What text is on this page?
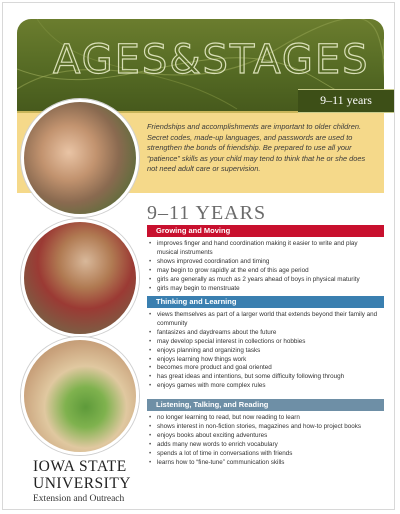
AGES&STAGES
9–11 years
Friendships and accomplishments are important to older children. Secret codes, made-up languages, and passwords are used to strengthen the bonds of friendship. Be prepared to use all your “patience” skills as your child may tend to think that he or she does not need adult care or supervision.
9–11 YEARS
Growing and Moving
• improves finger and hand coordination making it easier to write and play musical instruments
• shows improved coordination and timing
• may begin to grow rapidly at the end of this age period
• girls are generally as much as 2 years ahead of boys in physical maturity
• girls may begin to menstruate
Thinking and Learning
• views themselves as part of a larger world that extends beyond their family and community
• fantasizes and daydreams about the future
• may develop special interest in collections or hobbies
• enjoys planning and organizing tasks
• enjoys learning how things work
• becomes more product and goal oriented
• has great ideas and intentions, but some difficulty following through
• enjoys games with more complex rules
Listening, Talking, and Reading
• no longer learning to read, but now reading to learn
• shows interest in non-fiction stories, magazines and how-to project books
• enjoys books about exciting adventures
• adds many new words to enrich vocabulary
• spends a lot of time in conversations with friends
• learns how to “fine-tune” communication skills
IOWA STATE
UNIVERSITY
Extension and Outreach
